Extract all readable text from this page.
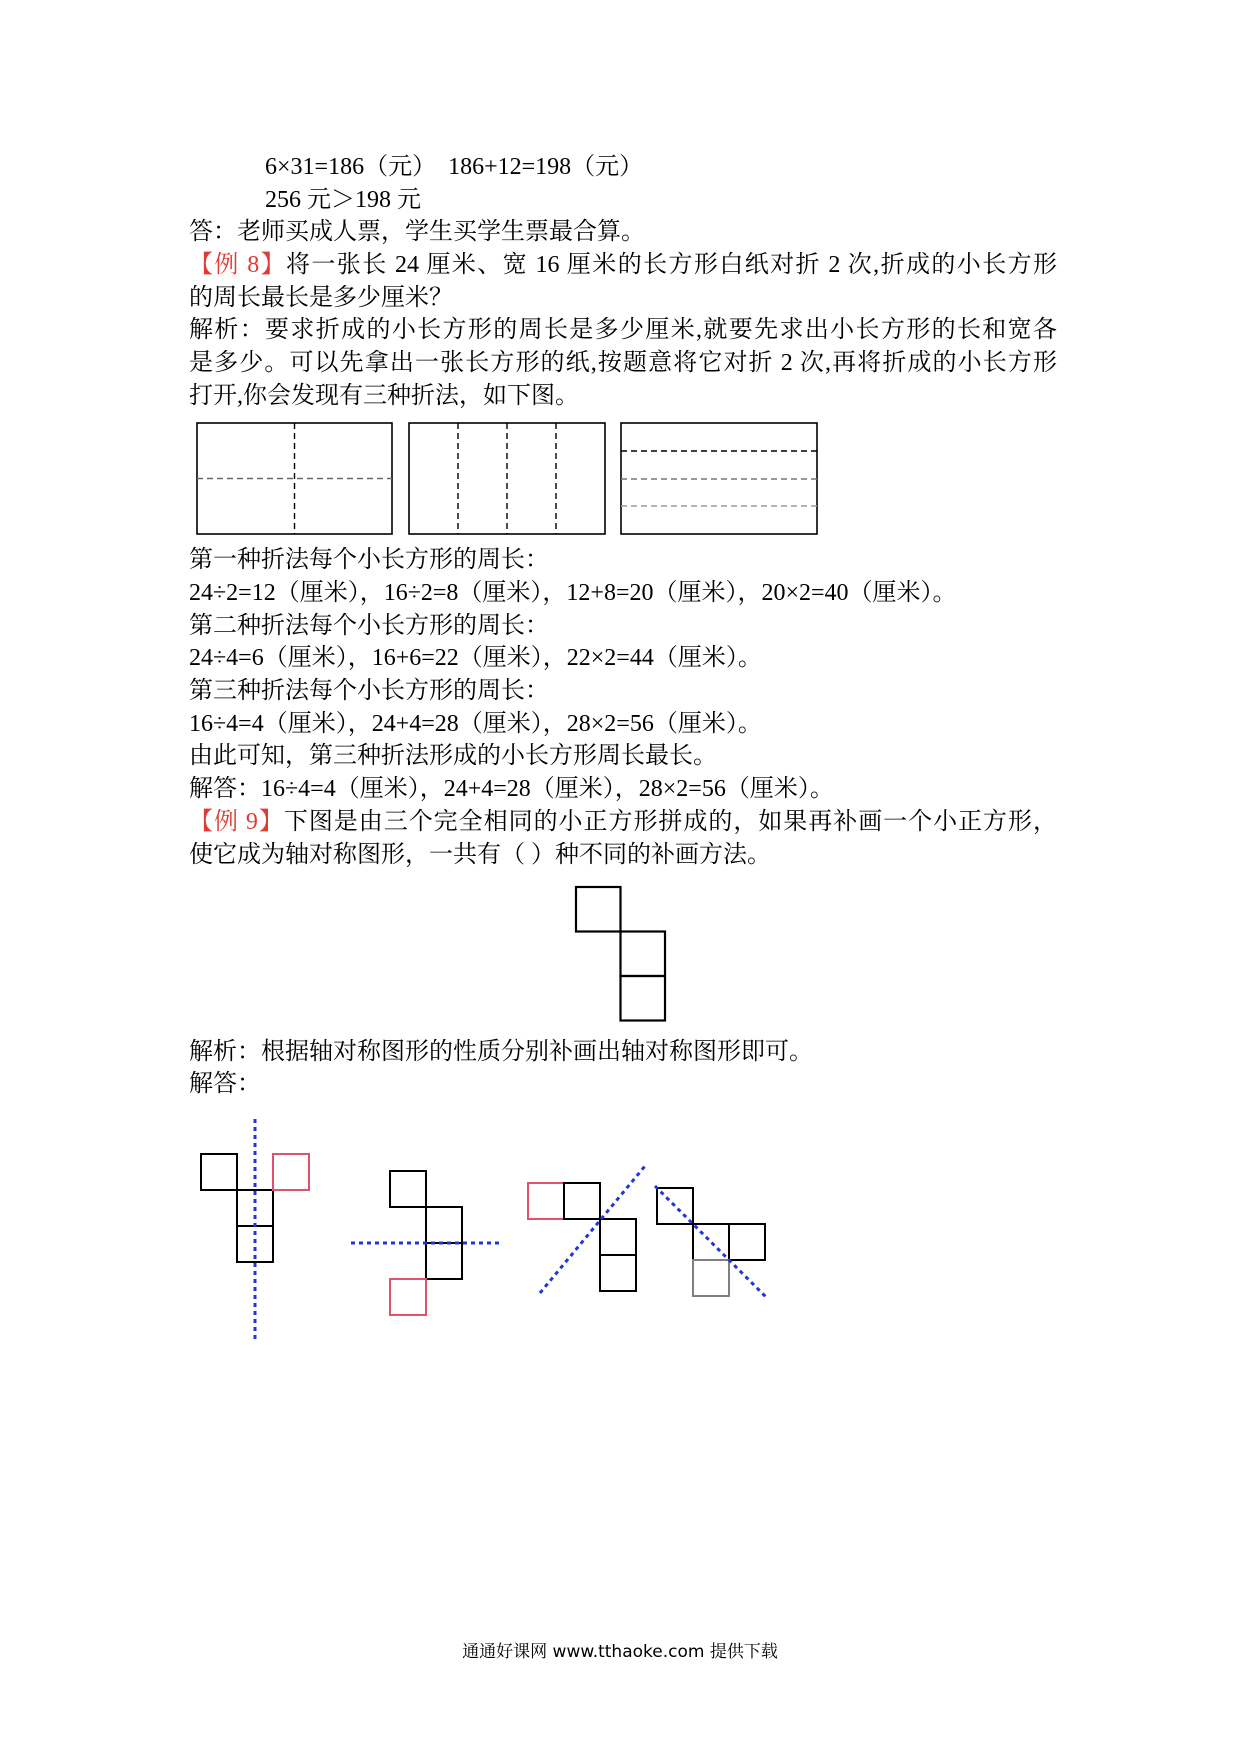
6×31=186（元）  186+12=198（元）
256 元＞198 元
答：老师买成人票，学生买学生票最合算。
【例 8】将一张长 24 厘米、宽 16 厘米的长方形白纸对折 2 次,折成的小长方形
的周长最长是多少厘米？
解析：要求折成的小长方形的周长是多少厘米,就要先求出小长方形的长和宽各
是多少。可以先拿出一张长方形的纸,按题意将它对折 2 次,再将折成的小长方形
打开,你会发现有三种折法，如下图。
第一种折法每个小长方形的周长：
24÷2=12（厘米），16÷2=8（厘米），12+8=20（厘米），20×2=40（厘米）。
第二种折法每个小长方形的周长：
24÷4=6（厘米），16+6=22（厘米），22×2=44（厘米）。
第三种折法每个小长方形的周长：
16÷4=4（厘米），24+4=28（厘米），28×2=56（厘米）。
由此可知，第三种折法形成的小长方形周长最长。
解答：16÷4=4（厘米），24+4=28（厘米），28×2=56（厘米）。
【例 9】下图是由三个完全相同的小正方形拼成的，如果再补画一个小正方形，
使它成为轴对称图形，一共有（ ）种不同的补画方法。
解析：根据轴对称图形的性质分别补画出轴对称图形即可。
解答：
通通好课网 www.tthaoke.com 提供下载
